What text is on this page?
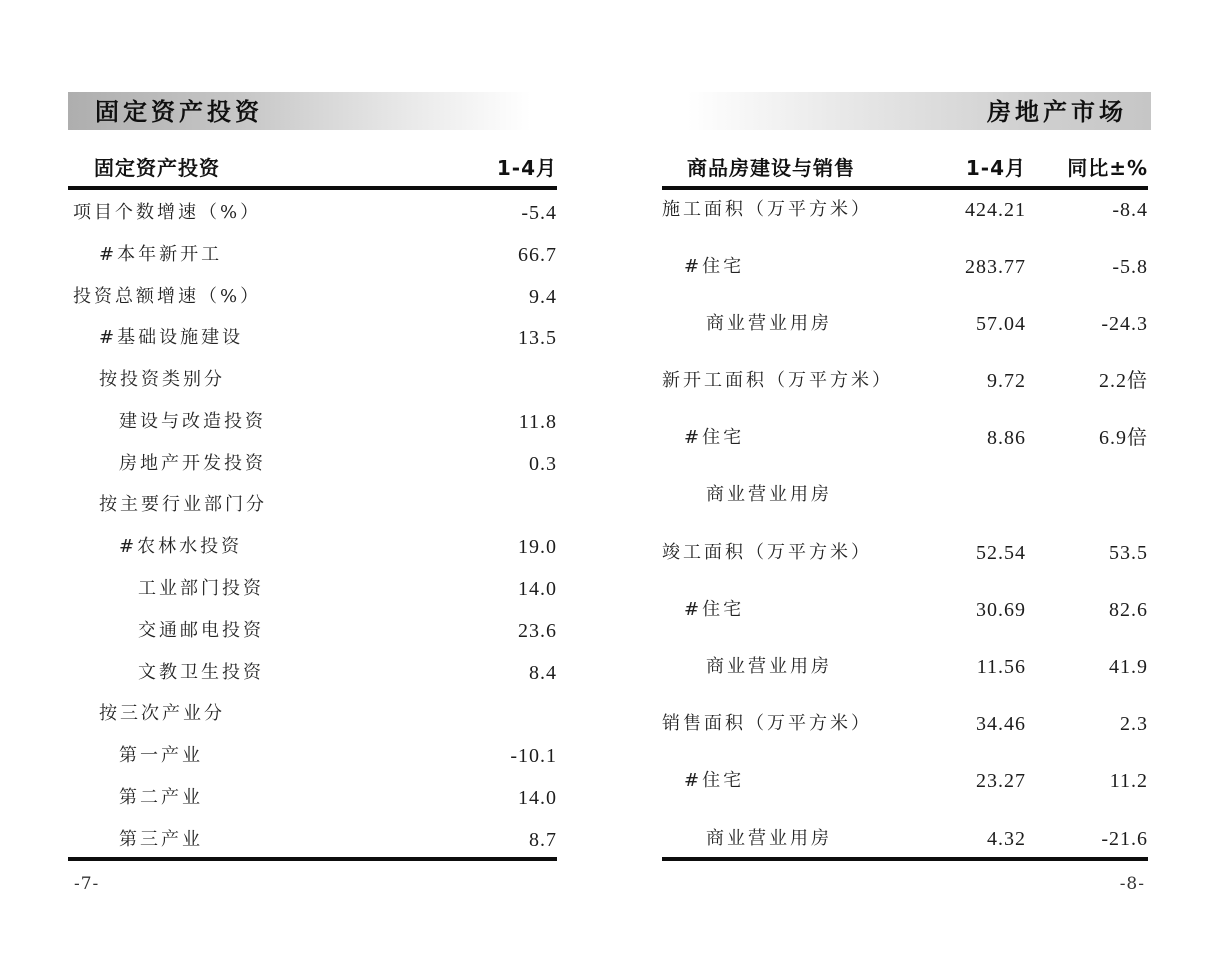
固定资产投资
固定资产投资	1-4月
项目个数增速（%）	-5.4
#本年新开工	66.7
投资总额增速（%）	9.4
#基础设施建设	13.5
按投资类别分
建设与改造投资	11.8
房地产开发投资	0.3
按主要行业部门分
#农林水投资	19.0
工业部门投资	14.0
交通邮电投资	23.6
文教卫生投资	8.4
按三次产业分
第一产业	-10.1
第二产业	14.0
第三产业	8.7
-7-
房地产市场
商品房建设与销售	1-4月	同比±%
施工面积（万平方米）	424.21	-8.4
#住宅	283.77	-5.8
商业营业用房	57.04	-24.3
新开工面积（万平方米）	9.72	2.2倍
#住宅	8.86	6.9倍
商业营业用房
竣工面积（万平方米）	52.54	53.5
#住宅	30.69	82.6
商业营业用房	11.56	41.9
销售面积（万平方米）	34.46	2.3
#住宅	23.27	11.2
商业营业用房	4.32	-21.6
-8-
